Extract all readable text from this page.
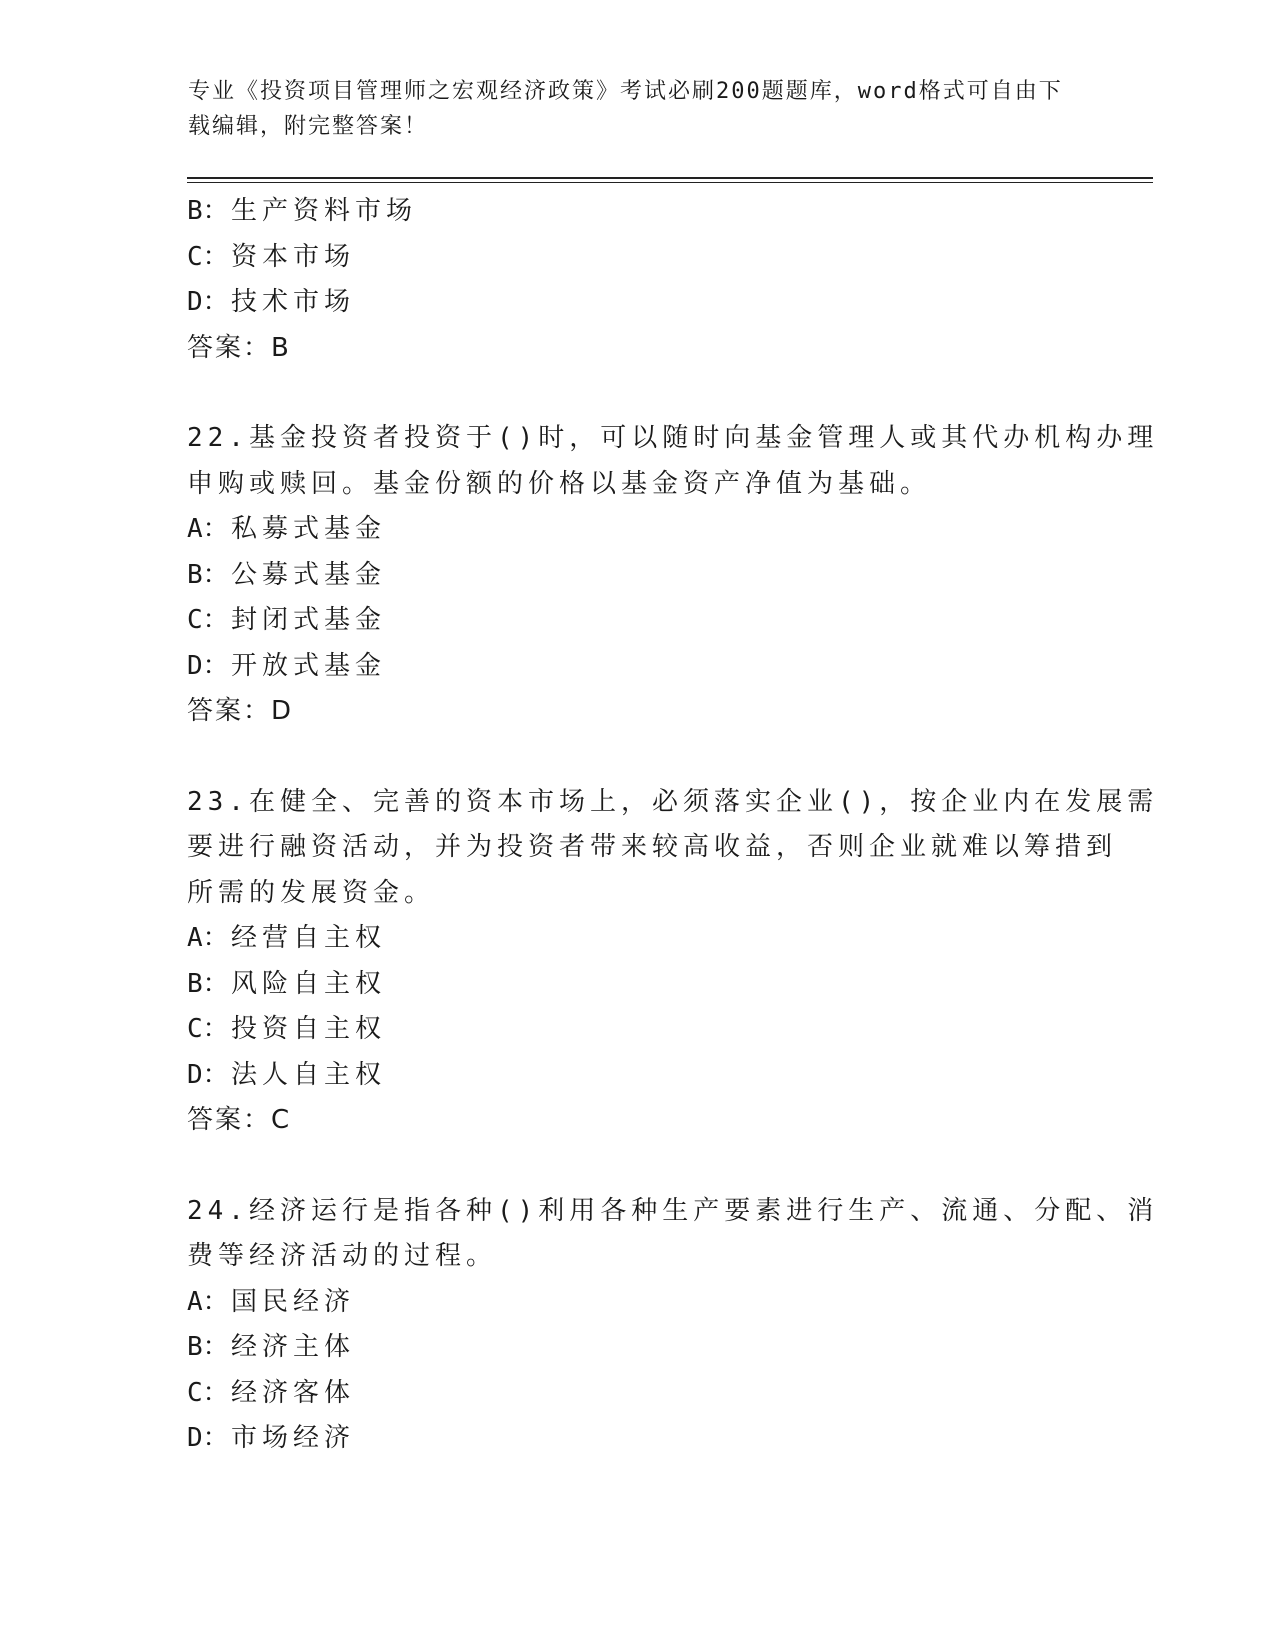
专业《投资项目管理师之宏观经济政策》考试必刷200题题库，word格式可自由下载编辑，附完整答案！
B：生产资料市场
C：资本市场
D：技术市场
答案：B
22.基金投资者投资于()时，可以随时向基金管理人或其代办机构办理
申购或赎回。基金份额的价格以基金资产净值为基础。
A：私募式基金
B：公募式基金
C：封闭式基金
D：开放式基金
答案：D
23.在健全、完善的资本市场上，必须落实企业()，按企业内在发展需
要进行融资活动，并为投资者带来较高收益，否则企业就难以筹措到
所需的发展资金。
A：经营自主权
B：风险自主权
C：投资自主权
D：法人自主权
答案：C
24.经济运行是指各种()利用各种生产要素进行生产、流通、分配、消
费等经济活动的过程。
A：国民经济
B：经济主体
C：经济客体
D：市场经济
